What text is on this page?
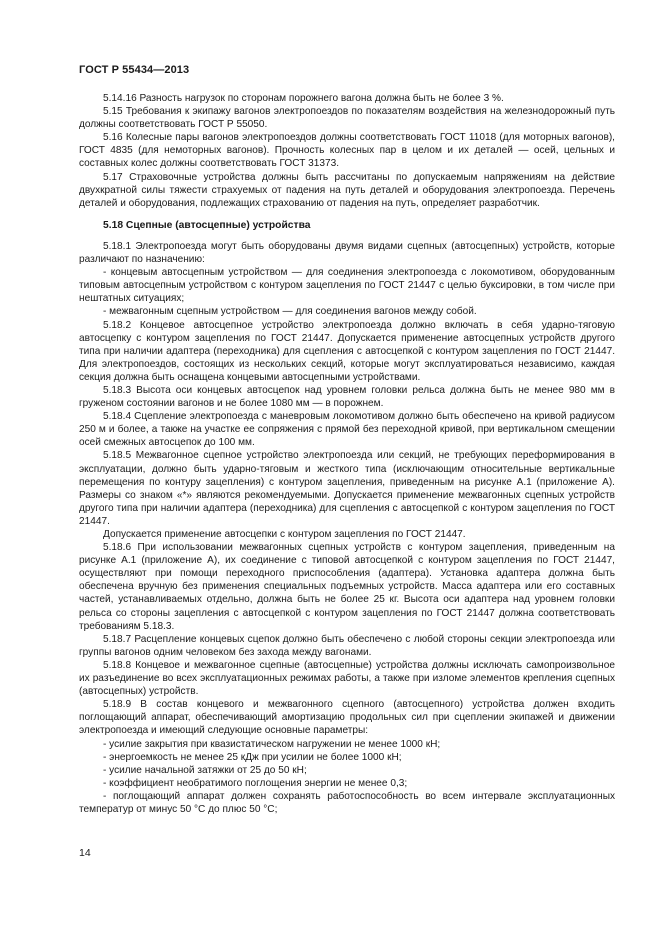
ГОСТ Р 55434—2013

5.14.16 Разность нагрузок по сторонам порожнего вагона должна быть не более 3 %.

5.15 Требования к экипажу вагонов электропоездов по показателям воздействия на железнодорожный путь должны соответствовать ГОСТ Р 55050.

5.16 Колесные пары вагонов электропоездов должны соответствовать ГОСТ 11018 (для моторных вагонов), ГОСТ 4835 (для немоторных вагонов). Прочность колесных пар в целом и их деталей — осей, цельных и составных колес должны соответствовать ГОСТ 31373.

5.17 Страховочные устройства должны быть рассчитаны по допускаемым напряжениям на действие двухкратной силы тяжести страхуемых от падения на путь деталей и оборудования электропоезда. Перечень деталей и оборудования, подлежащих страхованию от падения на путь, определяет разработчик.

5.18 Сцепные (автосцепные) устройства

5.18.1 Электропоезда могут быть оборудованы двумя видами сцепных (автосцепных) устройств, которые различают по назначению:

- концевым автосцепным устройством — для соединения электропоезда с локомотивом, оборудованным типовым автосцепным устройством с контуром зацепления по ГОСТ 21447 с целью буксировки, в том числе при нештатных ситуациях;

- межвагонным сцепным устройством — для соединения вагонов между собой.

5.18.2 Концевое автосцепное устройство электропоезда должно включать в себя ударно-тяговую автосцепку с контуром зацепления по ГОСТ 21447. Допускается применение автосцепных устройств другого типа при наличии адаптера (переходника) для сцепления с автосцепкой с контуром зацепления по ГОСТ 21447. Для электропоездов, состоящих из нескольких секций, которые могут эксплуатироваться независимо, каждая секция должна быть оснащена концевыми автосцепными устройствами.

5.18.3 Высота оси концевых автосцепок над уровнем головки рельса должна быть не менее 980 мм в груженом состоянии вагонов и не более 1080 мм — в порожнем.

5.18.4 Сцепление электропоезда с маневровым локомотивом должно быть обеспечено на кривой радиусом 250 м и более, а также на участке ее сопряжения с прямой без переходной кривой, при вертикальном смещении осей смежных автосцепок до 100 мм.

5.18.5 Межвагонное сцепное устройство электропоезда или секций, не требующих переформирования в эксплуатации, должно быть ударно-тяговым и жесткого типа (исключающим относительные вертикальные перемещения по контуру зацепления) с контуром зацепления, приведенным на рисунке А.1 (приложение А). Размеры со знаком «*» являются рекомендуемыми. Допускается применение межвагонных сцепных устройств другого типа при наличии адаптера (переходника) для сцепления с автосцепкой с контуром зацепления по ГОСТ 21447.

Допускается применение автосцепки с контуром зацепления по ГОСТ 21447.

5.18.6 При использовании межвагонных сцепных устройств с контуром зацепления, приведенным на рисунке А.1 (приложение А), их соединение с типовой автосцепкой с контуром зацепления по ГОСТ 21447, осуществляют при помощи переходного приспособления (адаптера). Установка адаптера должна быть обеспечена вручную без применения специальных подъемных устройств. Масса адаптера или его составных частей, устанавливаемых отдельно, должна быть не более 25 кг. Высота оси адаптера над уровнем головки рельса со стороны зацепления с автосцепкой с контуром зацепления по ГОСТ 21447 должна соответствовать требованиям 5.18.3.

5.18.7 Расцепление концевых сцепок должно быть обеспечено с любой стороны секции электропоезда или группы вагонов одним человеком без захода между вагонами.

5.18.8 Концевое и межвагонное сцепные (автосцепные) устройства должны исключать самопроизвольное их разъединение во всех эксплуатационных режимах работы, а также при изломе элементов крепления сцепных (автосцепных) устройств.

5.18.9 В состав концевого и межвагонного сцепного (автосцепного) устройства должен входить поглощающий аппарат, обеспечивающий амортизацию продольных сил при сцеплении экипажей и движении электропоезда и имеющий следующие основные параметры:

- усилие закрытия при квазистатическом нагружении не менее 1000 кН;

- энергоемкость не менее 25 кДж при усилии не более 1000 кН;

- усилие начальной затяжки от 25 до 50 кН;

- коэффициент необратимого поглощения энергии не менее 0,3;

- поглощающий аппарат должен сохранять работоспособность во всем интервале эксплуатационных температур от минус 50 °С до плюс 50 °С;

14
